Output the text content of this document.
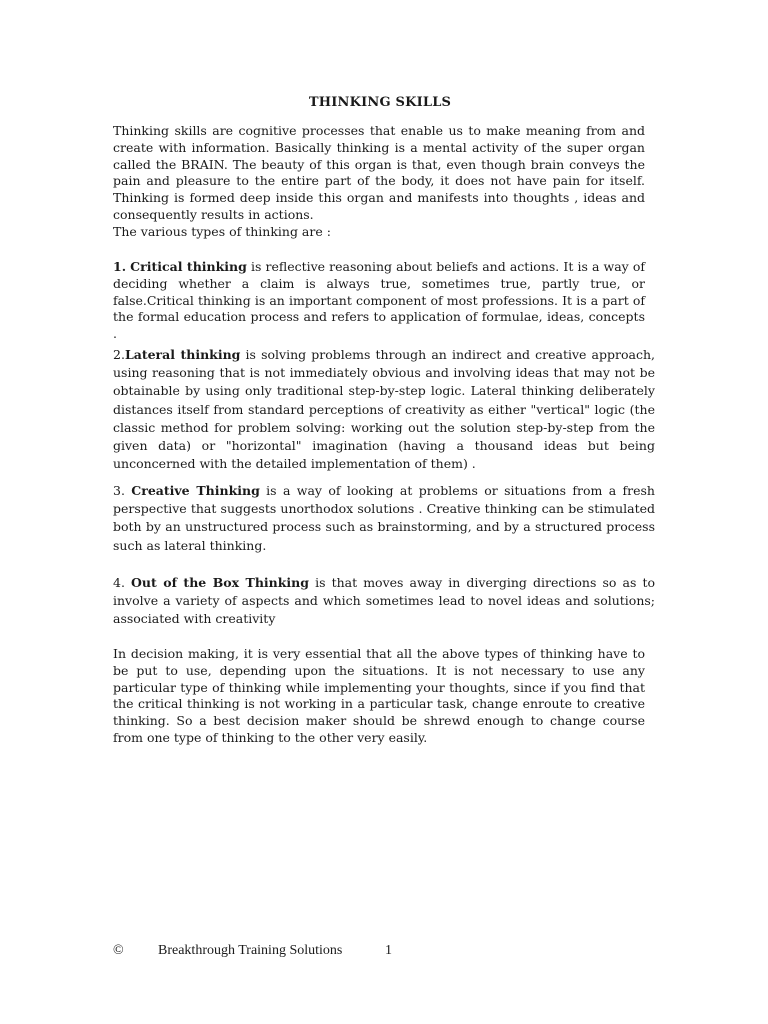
THINKING SKILLS
Thinking skills are cognitive processes that enable us to make meaning from and create with information. Basically thinking is a mental activity of the super organ called the BRAIN. The beauty of this organ is that, even though brain conveys the pain and pleasure to the entire part of the body, it does not have pain for itself. Thinking is formed deep inside this organ and manifests into thoughts , ideas and consequently results in actions.
The various types of thinking are :
1. Critical thinking is reflective reasoning about beliefs and actions. It is a way of deciding whether a claim is always true, sometimes true, partly true, or false.Critical thinking is an important component of most professions. It is a part of the formal education process and refers to application of formulae, ideas, concepts .
2.Lateral thinking is solving problems through an indirect and creative approach, using reasoning that is not immediately obvious and involving ideas that may not be obtainable by using only traditional step-by-step logic. Lateral thinking deliberately distances itself from standard perceptions of creativity as either "vertical" logic (the classic method for problem solving: working out the solution step-by-step from the given data) or "horizontal" imagination (having a thousand ideas but being unconcerned with the detailed implementation of them) .
3. Creative Thinking is a way of looking at problems or situations from a fresh perspective that suggests unorthodox solutions . Creative thinking can be stimulated both by an unstructured process such as brainstorming, and by a structured process such as lateral thinking.
4. Out of the Box Thinking is that moves away in diverging directions so as to involve a variety of aspects and which sometimes lead to novel ideas and solutions; associated with creativity
In decision making, it is very essential that all the above types of thinking have to be put to use, depending upon the situations. It is not necessary to use any particular type of thinking while implementing your thoughts, since if you find that the critical thinking is not working in a particular task, change enroute to creative thinking. So a best decision maker should be shrewd enough to change course from one type of thinking to the other very easily.
© Breakthrough Training Solutions	1
